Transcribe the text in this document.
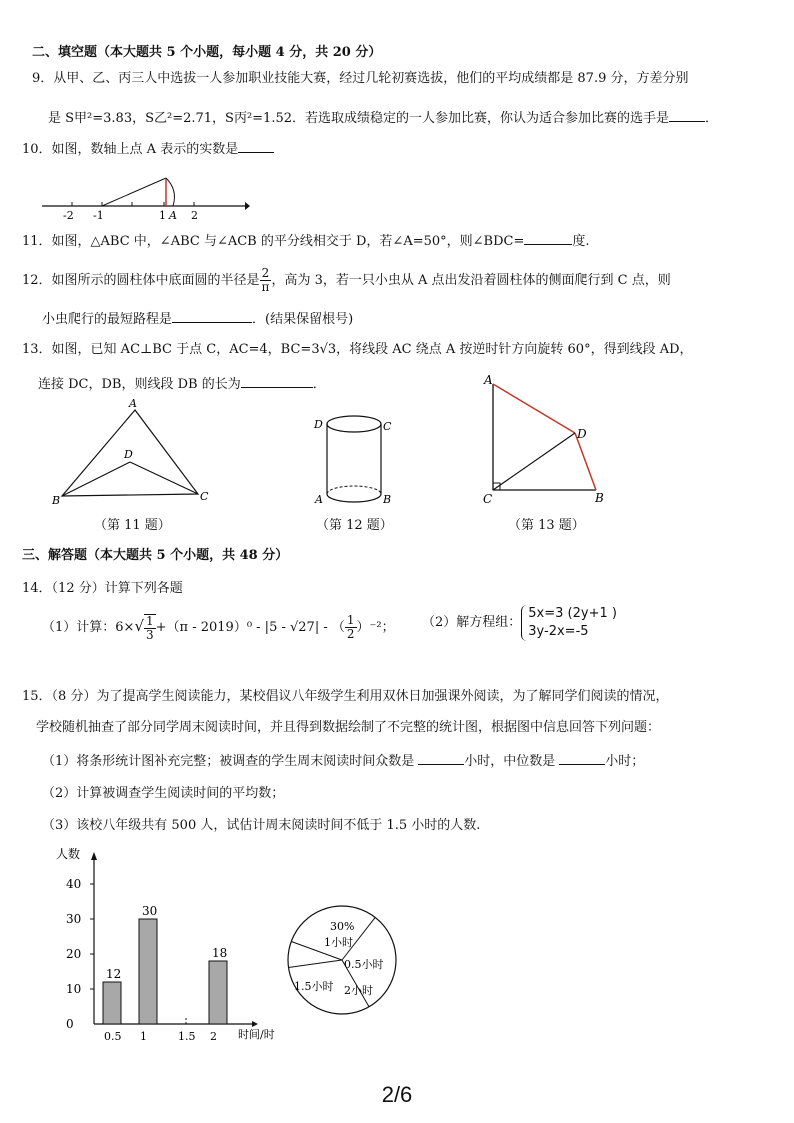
二、填空题（本大题共 5 个小题，每小题 4 分，共 20 分）
9．从甲、乙、丙三人中选拔一人参加职业技能大赛，经过几轮初赛选拔，他们的平均成绩都是 87.9 分，方差分别
是 S甲²=3.83，S乙²=2.71，S丙²=1.52．若选取成绩稳定的一人参加比赛，你认为适合参加比赛的选手是	．
10．如图，数轴上点 A 表示的实数是
-2 -1	1 A 2
11．如图，△ABC 中，∠ABC 与∠ACB 的平分线相交于 D，若∠A=50°，则∠BDC=	度.
12．如图所示的圆柱体中底面圆的半径是 $\frac{2}{\pi}$ ，高为 3，若一只小虫从 A 点出发沿着圆柱体的侧面爬行到 C 点，则
小虫爬行的最短路程是	．(结果保留根号)
13．如图，已知 AC⊥BC 于点 C，AC=4，BC=3√3，将线段 AC 绕点 A 按逆时针方向旋转 60°，得到线段 AD，
连接 DC，DB，则线段 DB 的长为	．
A
B	C
D
（第 11 题）
D	C
A	B
（第 12 题）
A
C
D
B
（第 13 题）
三、解答题（本大题共 5 个小题，共 48 分）
14．（12 分）计算下列各题
（1）计算：$6\times√ \frac{1}{3} +(\pi - 2019)^0 - |5 - √27|$ - （ $\frac{1}{2} )^{-2}$； （2）解方程组：
5x=3 (2y+1 )
3y-2x=-5
15．（8 分）为了提高学生阅读能力，某校倡议八年级学生利用双休日加强课外阅读，为了解同学们阅读的情况，
学校随机抽查了部分同学周末阅读时间，并且得到数据绘制了不完整的统计图，根据图中信息回答下列问题：
（1）将条形统计图补充完整；被调查的学生周末阅读时间众数是	小时，中位数是	小时；
（2）计算被调查学生阅读时间的平均数；
（3）该校八年级共有 500 人，试估计周末阅读时间不低于 1.5 小时的人数.
人数
时间/时
0
10
20
30
40
0.5
12
1
30
1.5 2
18
30%
1小时
0.5小时
2小时
1.5小时
2/6
